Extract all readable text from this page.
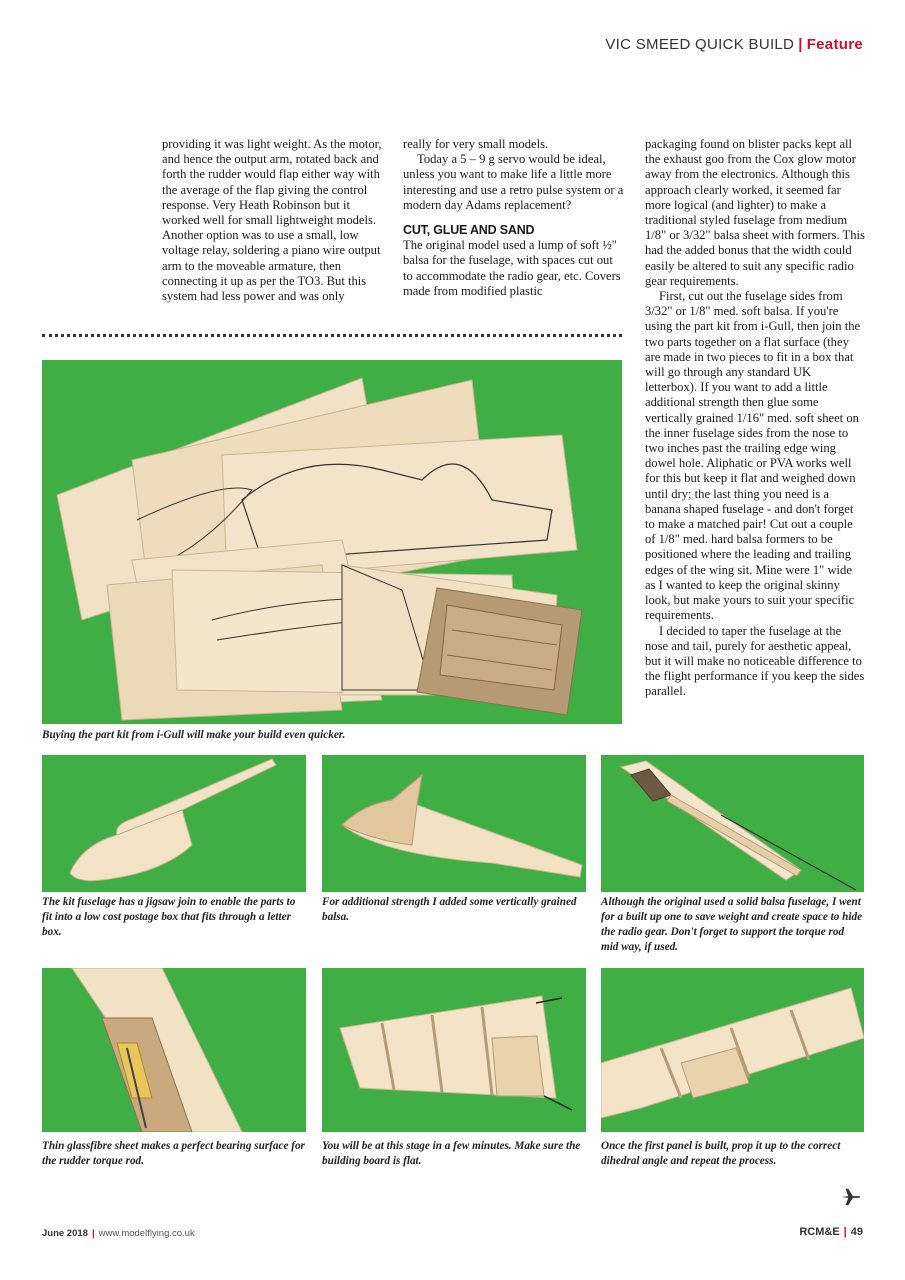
VIC SMEED QUICK BUILD | Feature

providing it was light weight. As the motor, and hence the output arm, rotated back and forth the rudder would flap either way with the average of the flap giving the control response. Very Heath Robinson but it worked well for small lightweight models. Another option was to use a small, low voltage relay, soldering a piano wire output arm to the moveable armature, then connecting it up as per the TO3. But this system had less power and was only

really for very small models.

Today a 5 – 9 g servo would be ideal, unless you want to make life a little more interesting and use a retro pulse system or a modern day Adams replacement?

CUT, GLUE AND SAND

The original model used a lump of soft ½" balsa for the fuselage, with spaces cut out to accommodate the radio gear, etc. Covers made from modified plastic

packaging found on blister packs kept all the exhaust goo from the Cox glow motor away from the electronics. Although this approach clearly worked, it seemed far more logical (and lighter) to make a traditional styled fuselage from medium 1/8" or 3/32" balsa sheet with formers. This had the added bonus that the width could easily be altered to suit any specific radio gear requirements.

First, cut out the fuselage sides from 3/32" or 1/8" med. soft balsa. If you're using the part kit from i-Gull, then join the two parts together on a flat surface (they are made in two pieces to fit in a box that will go through any standard UK letterbox). If you want to add a little additional strength then glue some vertically grained 1/16" med. soft sheet on the inner fuselage sides from the nose to two inches past the trailing edge wing dowel hole. Aliphatic or PVA works well for this but keep it flat and weighed down until dry; the last thing you need is a banana shaped fuselage - and don't forget to make a matched pair! Cut out a couple of 1/8" med. hard balsa formers to be positioned where the leading and trailing edges of the wing sit. Mine were 1" wide as I wanted to keep the original skinny look, but make yours to suit your specific requirements.

I decided to taper the fuselage at the nose and tail, purely for aesthetic appeal, but it will make no noticeable difference to the flight performance if you keep the sides parallel.

Buying the part kit from i-Gull will make your build even quicker.
The kit fuselage has a jigsaw join to enable the parts to fit into a low cost postage box that fits through a letter box.
For additional strength I added some vertically grained balsa.
Although the original used a solid balsa fuselage, I went for a built up one to save weight and create space to hide the radio gear. Don't forget to support the torque rod mid way, if used.
Thin glassfibre sheet makes a perfect bearing surface for the rudder torque rod.
You will be at this stage in a few minutes. Make sure the building board is flat.
Once the first panel is built, prop it up to the correct dihedral angle and repeat the process.
June 2018 | www.modelflying.co.uk	RCM&E | 49
